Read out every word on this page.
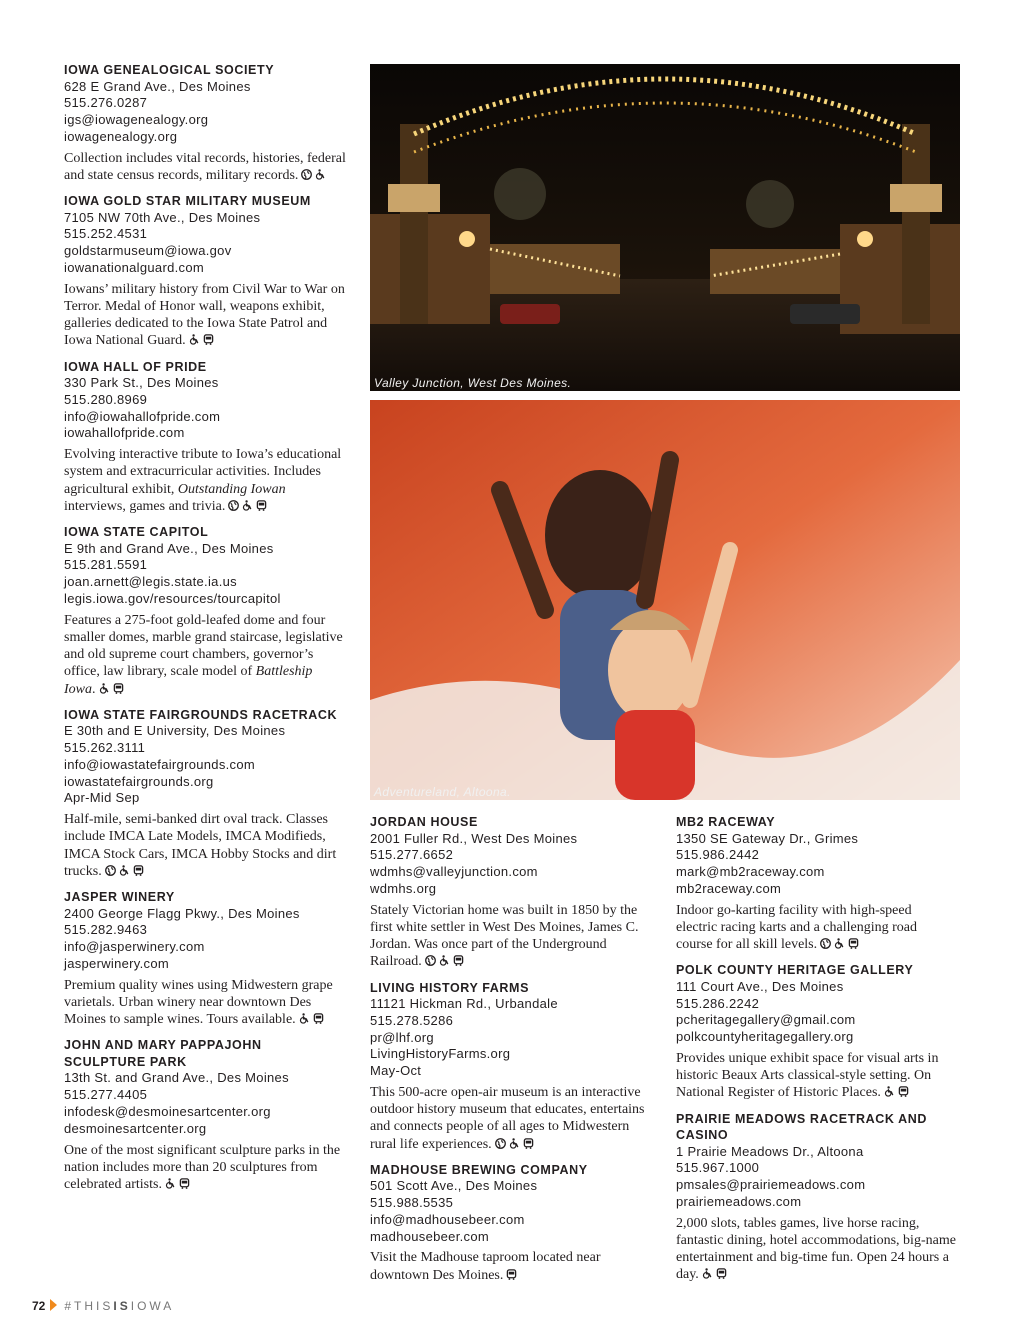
IOWA GENEALOGICAL SOCIETY
628 E Grand Ave., Des Moines
515.276.0287
igs@iowagenealogy.org
iowagenealogy.org
Collection includes vital records, histories, federal and state census records, military records.
IOWA GOLD STAR MILITARY MUSEUM
7105 NW 70th Ave., Des Moines
515.252.4531
goldstarmuseum@iowa.gov
iowanationalguard.com
Iowans’ military history from Civil War to War on Terror. Medal of Honor wall, weapons exhibit, galleries dedicated to the Iowa State Patrol and Iowa National Guard.
IOWA HALL OF PRIDE
330 Park St., Des Moines
515.280.8969
info@iowahallofpride.com
iowahallofpride.com
Evolving interactive tribute to Iowa’s educational system and extracurricular activities. Includes agricultural exhibit, Outstanding Iowan interviews, games and trivia.
IOWA STATE CAPITOL
E 9th and Grand Ave., Des Moines
515.281.5591
joan.arnett@legis.state.ia.us
legis.iowa.gov/resources/tourcapitol
Features a 275-foot gold-leafed dome and four smaller domes, marble grand staircase, legislative and old supreme court chambers, governor’s office, law library, scale model of Battleship Iowa.
IOWA STATE FAIRGROUNDS RACETRACK
E 30th and E University, Des Moines
515.262.3111
info@iowastatefairgrounds.com
iowastatefairgrounds.org
Apr-Mid Sep
Half-mile, semi-banked dirt oval track. Classes include IMCA Late Models, IMCA Modifieds, IMCA Stock Cars, IMCA Hobby Stocks and dirt trucks.
JASPER WINERY
2400 George Flagg Pkwy., Des Moines
515.282.9463
info@jasperwinery.com
jasperwinery.com
Premium quality wines using Midwestern grape varietals. Urban winery near downtown Des Moines to sample wines. Tours available.
JOHN AND MARY PAPPAJOHN SCULPTURE PARK
13th St. and Grand Ave., Des Moines
515.277.4405
infodesk@desmoinesartcenter.org
desmoinesartcenter.org
One of the most significant sculpture parks in the nation includes more than 20 sculptures from celebrated artists.
Valley Junction, West Des Moines.
Adventureland, Altoona.
JORDAN HOUSE
2001 Fuller Rd., West Des Moines
515.277.6652
wdmhs@valleyjunction.com
wdmhs.org
Stately Victorian home was built in 1850 by the first white settler in West Des Moines, James C. Jordan. Was once part of the Underground Railroad.
LIVING HISTORY FARMS
11121 Hickman Rd., Urbandale
515.278.5286
pr@lhf.org
LivingHistoryFarms.org
May-Oct
This 500-acre open-air museum is an interactive outdoor history museum that educates, entertains and connects people of all ages to Midwestern rural life experiences.
MADHOUSE BREWING COMPANY
501 Scott Ave., Des Moines
515.988.5535
info@madhousebeer.com
madhousebeer.com
Visit the Madhouse taproom located near downtown Des Moines.
MB2 RACEWAY
1350 SE Gateway Dr., Grimes
515.986.2442
mark@mb2raceway.com
mb2raceway.com
Indoor go-karting facility with high-speed electric racing karts and a challenging road course for all skill levels.
POLK COUNTY HERITAGE GALLERY
111 Court Ave., Des Moines
515.286.2242
pcheritagegallery@gmail.com
polkcountyheritagegallery.org
Provides unique exhibit space for visual arts in historic Beaux Arts classical-style setting. On National Register of Historic Places.
PRAIRIE MEADOWS RACETRACK AND CASINO
1 Prairie Meadows Dr., Altoona
515.967.1000
pmsales@prairiemeadows.com
prairiemeadows.com
2,000 slots, tables games, live horse racing, fantastic dining, hotel accommodations, big-name entertainment and big-time fun. Open 24 hours a day.
72 #THISISIOWA
